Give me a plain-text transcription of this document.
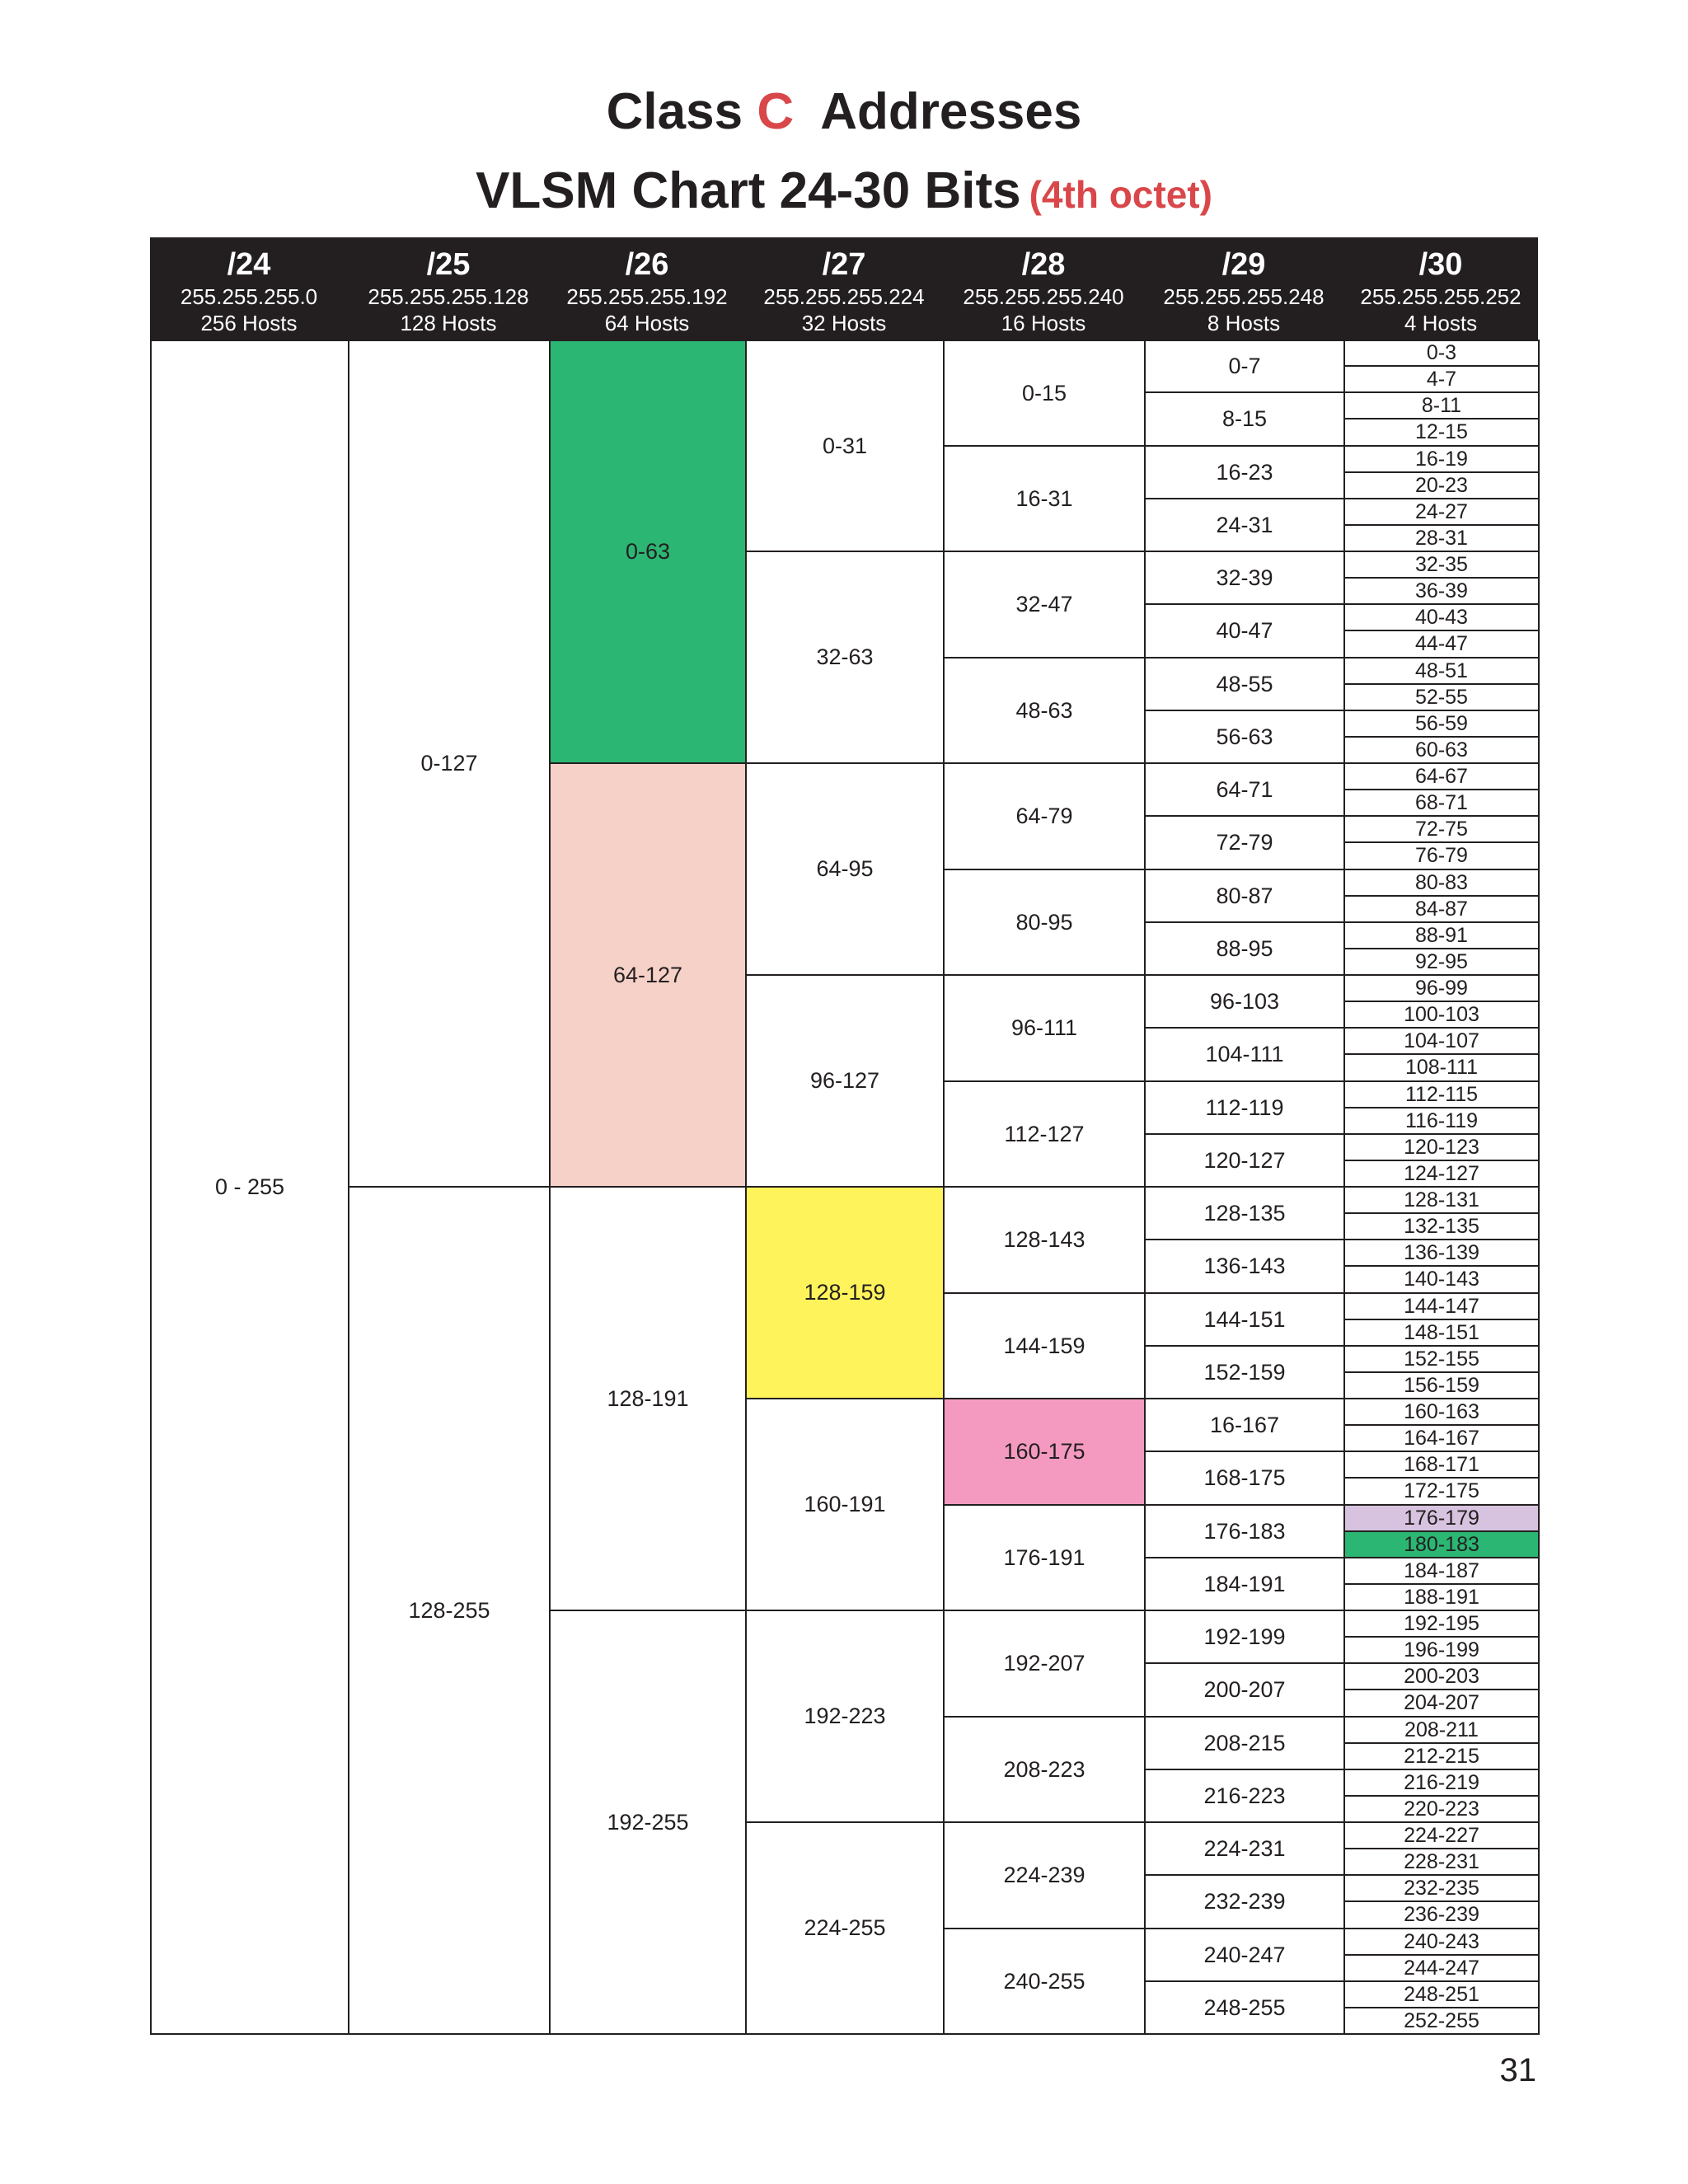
Class C Addresses
VLSM Chart 24-30 Bits (4th octet)
/24
255.255.255.0
256 Hosts
/25
255.255.255.128
128 Hosts
/26
255.255.255.192
64 Hosts
/27
255.255.255.224
32 Hosts
/28
255.255.255.240
16 Hosts
/29
255.255.255.248
8 Hosts
/30
255.255.255.252
4 Hosts
0 - 255
0-127
128-255
0-63
64-127
128-191
192-255
0-31
32-63
64-95
96-127
128-159
160-191
192-223
224-255
0-15
16-31
32-47
48-63
64-79
80-95
96-111
112-127
128-143
144-159
160-175
176-191
192-207
208-223
224-239
240-255
0-7
8-15
16-23
24-31
32-39
40-47
48-55
56-63
64-71
72-79
80-87
88-95
96-103
104-111
112-119
120-127
128-135
136-143
144-151
152-159
16-167
168-175
176-183
184-191
192-199
200-207
208-215
216-223
224-231
232-239
240-247
248-255
0-3
4-7
8-11
12-15
16-19
20-23
24-27
28-31
32-35
36-39
40-43
44-47
48-51
52-55
56-59
60-63
64-67
68-71
72-75
76-79
80-83
84-87
88-91
92-95
96-99
100-103
104-107
108-111
112-115
116-119
120-123
124-127
128-131
132-135
136-139
140-143
144-147
148-151
152-155
156-159
160-163
164-167
168-171
172-175
176-179
180-183
184-187
188-191
192-195
196-199
200-203
204-207
208-211
212-215
216-219
220-223
224-227
228-231
232-235
236-239
240-243
244-247
248-251
252-255
31
